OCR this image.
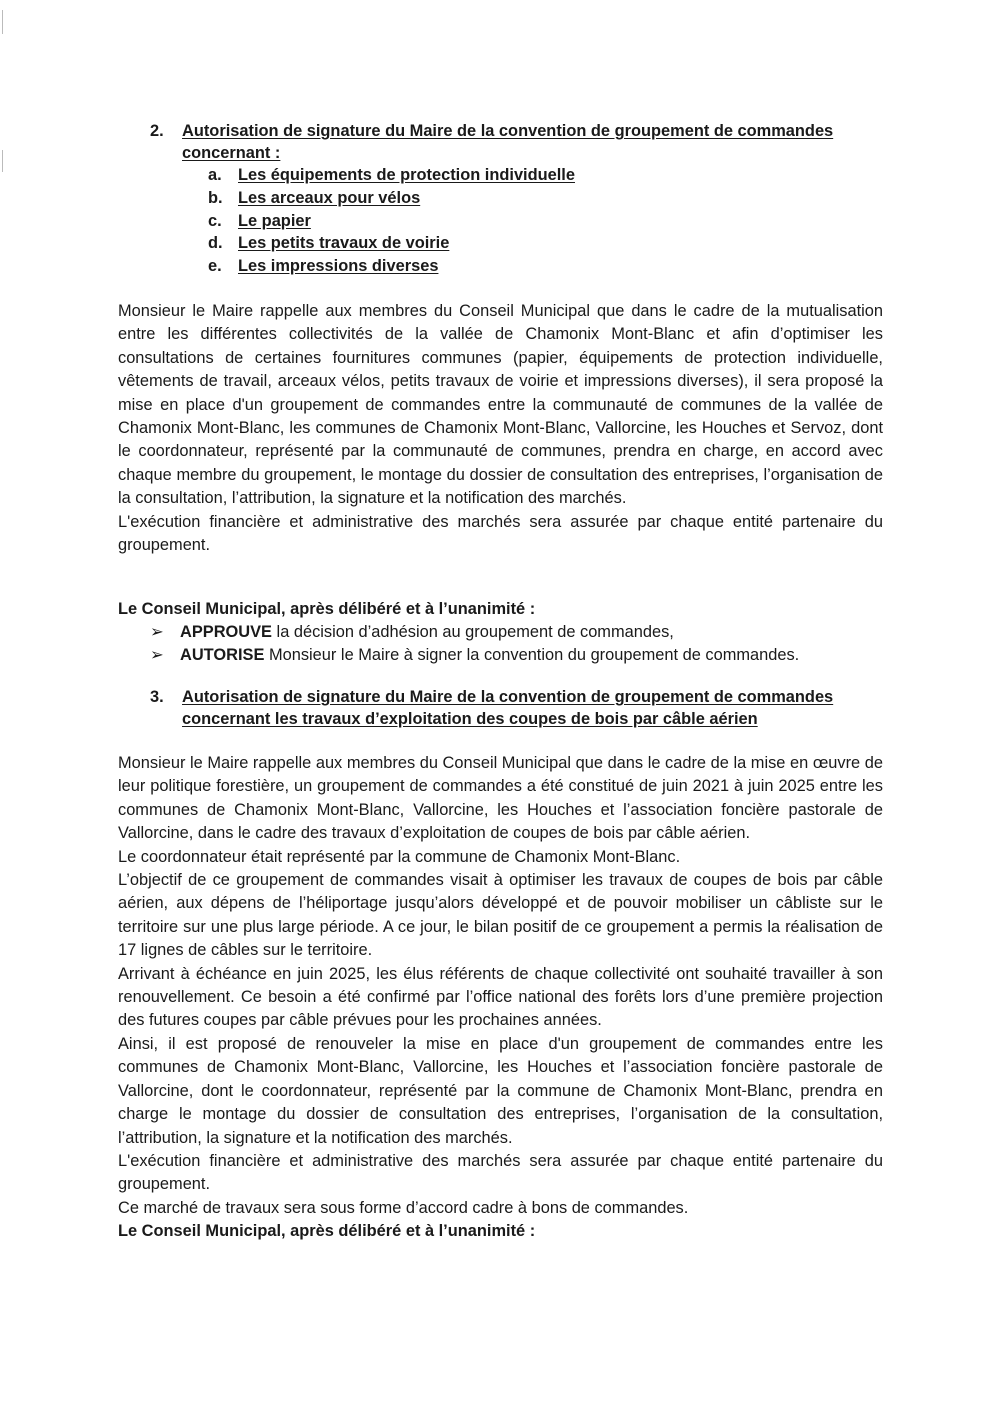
2. Autorisation de signature du Maire de la convention de groupement de commandes
concernant :
a. Les équipements de protection individuelle
b. Les arceaux pour vélos
c. Le papier
d. Les petits travaux de voirie
e. Les impressions diverses

Monsieur le Maire rappelle aux membres du Conseil Municipal que dans le cadre de la mutualisation entre les différentes collectivités de la vallée de Chamonix Mont-Blanc et afin d’optimiser les consultations de certaines fournitures communes (papier, équipements de protection individuelle, vêtements de travail, arceaux vélos, petits travaux de voirie et impressions diverses), il sera proposé la mise en place d'un groupement de commandes entre la communauté de communes de la vallée de Chamonix Mont-Blanc, les communes de Chamonix Mont-Blanc, Vallorcine, les Houches et Servoz, dont le coordonnateur, représenté par la communauté de communes, prendra en charge, en accord avec chaque membre du groupement, le montage du dossier de consultation des entreprises, l’organisation de la consultation, l’attribution, la signature et la notification des marchés.

L'exécution financière et administrative des marchés sera assurée par chaque entité partenaire du groupement.

Le Conseil Municipal, après délibéré et à l’unanimité :
➢ APPROUVE la décision d’adhésion au groupement de commandes,
➢ AUTORISE Monsieur le Maire à signer la convention du groupement de commandes.
3. Autorisation de signature du Maire de la convention de groupement de commandes
concernant les travaux d’exploitation des coupes de bois par câble aérien

Monsieur le Maire rappelle aux membres du Conseil Municipal que dans le cadre de la mise en œuvre de leur politique forestière, un groupement de commandes a été constitué de juin 2021 à juin 2025 entre les communes de Chamonix Mont-Blanc, Vallorcine, les Houches et l’association foncière pastorale de Vallorcine, dans le cadre des travaux d’exploitation de coupes de bois par câble aérien.

Le coordonnateur était représenté par la commune de Chamonix Mont-Blanc.

L’objectif de ce groupement de commandes visait à optimiser les travaux de coupes de bois par câble aérien, aux dépens de l’héliportage jusqu’alors développé et de pouvoir mobiliser un câbliste sur le territoire sur une plus large période. A ce jour, le bilan positif de ce groupement a permis la réalisation de 17 lignes de câbles sur le territoire.

Arrivant à échéance en juin 2025, les élus référents de chaque collectivité ont souhaité travailler à son renouvellement. Ce besoin a été confirmé par l’office national des forêts lors d’une première projection des futures coupes par câble prévues pour les prochaines années.

Ainsi, il est proposé de renouveler la mise en place d'un groupement de commandes entre les communes de Chamonix Mont-Blanc, Vallorcine, les Houches et l’association foncière pastorale de Vallorcine, dont le coordonnateur, représenté par la commune de Chamonix Mont-Blanc, prendra en charge le montage du dossier de consultation des entreprises, l’organisation de la consultation, l’attribution, la signature et la notification des marchés.

L'exécution financière et administrative des marchés sera assurée par chaque entité partenaire du groupement.

Ce marché de travaux sera sous forme d’accord cadre à bons de commandes.

Le Conseil Municipal, après délibéré et à l’unanimité :
